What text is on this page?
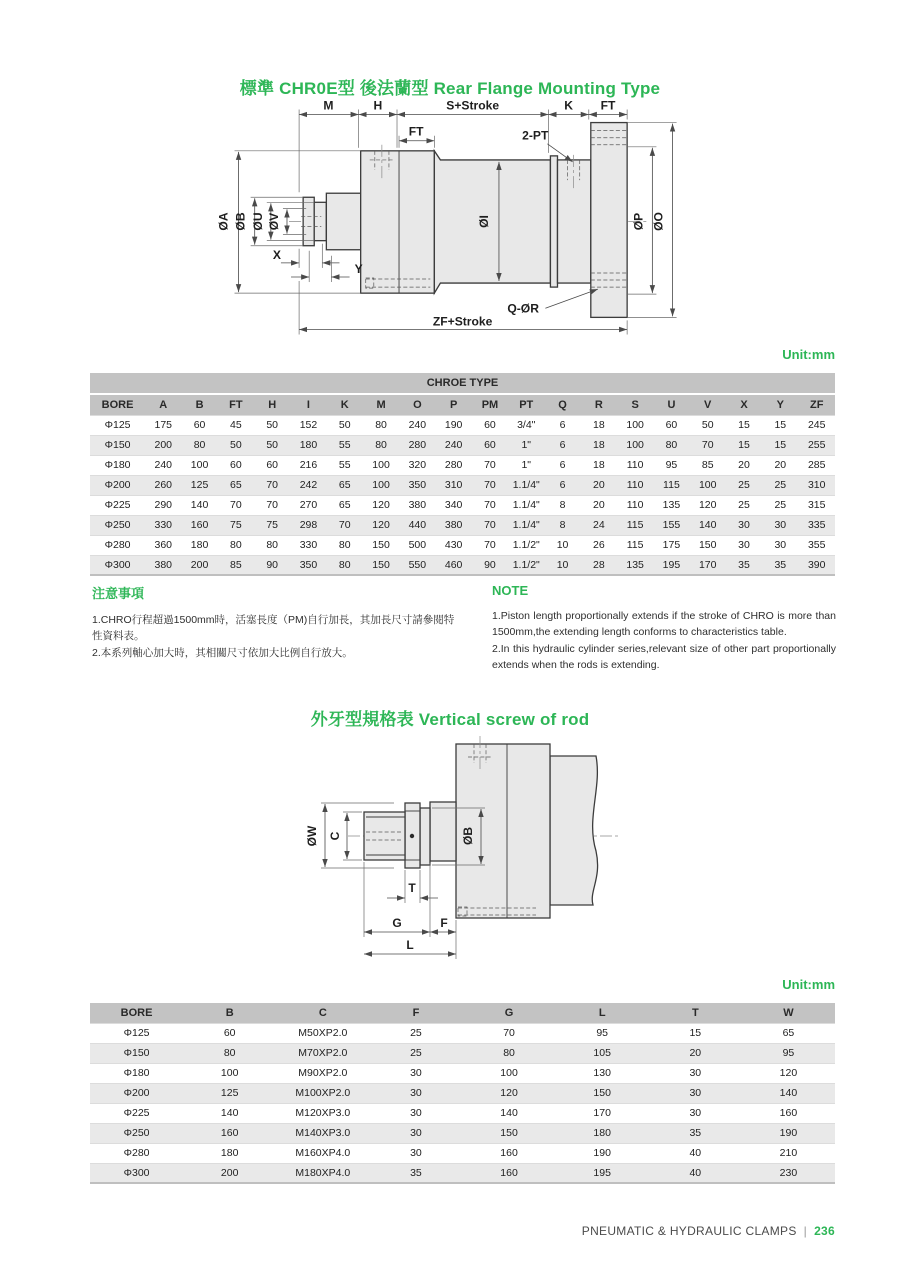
標準 CHR0E型 後法蘭型 Rear Flange Mounting Type
M	H	S+Stroke	K FT
FT	2-PT
ØA ØB ØU ØV	ØI	ØP ØO
X
Y
Q-ØR
ZF+Stroke
Unit:mm
CHROE TYPE
BORE	A	B	FT	H	I	K	M	O	P	PM	PT	Q	R	S	U	V	X	Y	ZF
Φ125	175	60	45	50	152	50	80	240	190	60	3/4"	6	18	100	60	50	15	15	245
Φ150	200	80	50	50	180	55	80	280	240	60	1"	6	18	100	80	70	15	15	255
Φ180	240	100	60	60	216	55	100	320	280	70	1"	6	18	110	95	85	20	20	285
Φ200	260	125	65	70	242	65	100	350	310	70	1.1/4"	6	20	110	115	100	25	25	310
Φ225	290	140	70	70	270	65	120	380	340	70	1.1/4"	8	20	110	135	120	25	25	315
Φ250	330	160	75	75	298	70	120	440	380	70	1.1/4"	8	24	115	155	140	30	30	335
Φ280	360	180	80	80	330	80	150	500	430	70	1.1/2"	10	26	115	175	150	30	30	355
Φ300	380	200	85	90	350	80	150	550	460	90	1.1/2"	10	28	135	195	170	35	35	390
注意事項
1.CHRO行程超過1500mm時，活塞長度（PM)自行加長，其加長尺寸請參閱特性資料表。
2.本系列軸心加大時，其相關尺寸依加大比例自行放大。
NOTE
1.Piston length proportionally extends if the stroke of CHRO is more than 1500mm,the extending length conforms to characteristics table.
2.In this hydraulic cylinder series,relevant size of other part proportionally extends when the rods is extending.
外牙型規格表 Vertical screw of rod
ØW C	ØB
T
G	F
L
Unit:mm
BORE	B	C	F	G	L	T	W
Φ125	60	M50XP2.0	25	70	95	15	65
Φ150	80	M70XP2.0	25	80	105	20	95
Φ180	100	M90XP2.0	30	100	130	30	120
Φ200	125	M100XP2.0	30	120	150	30	140
Φ225	140	M120XP3.0	30	140	170	30	160
Φ250	160	M140XP3.0	30	150	180	35	190
Φ280	180	M160XP4.0	30	160	190	40	210
Φ300	200	M180XP4.0	35	160	195	40	230
PNEUMATIC & HYDRAULIC CLAMPS | 236
